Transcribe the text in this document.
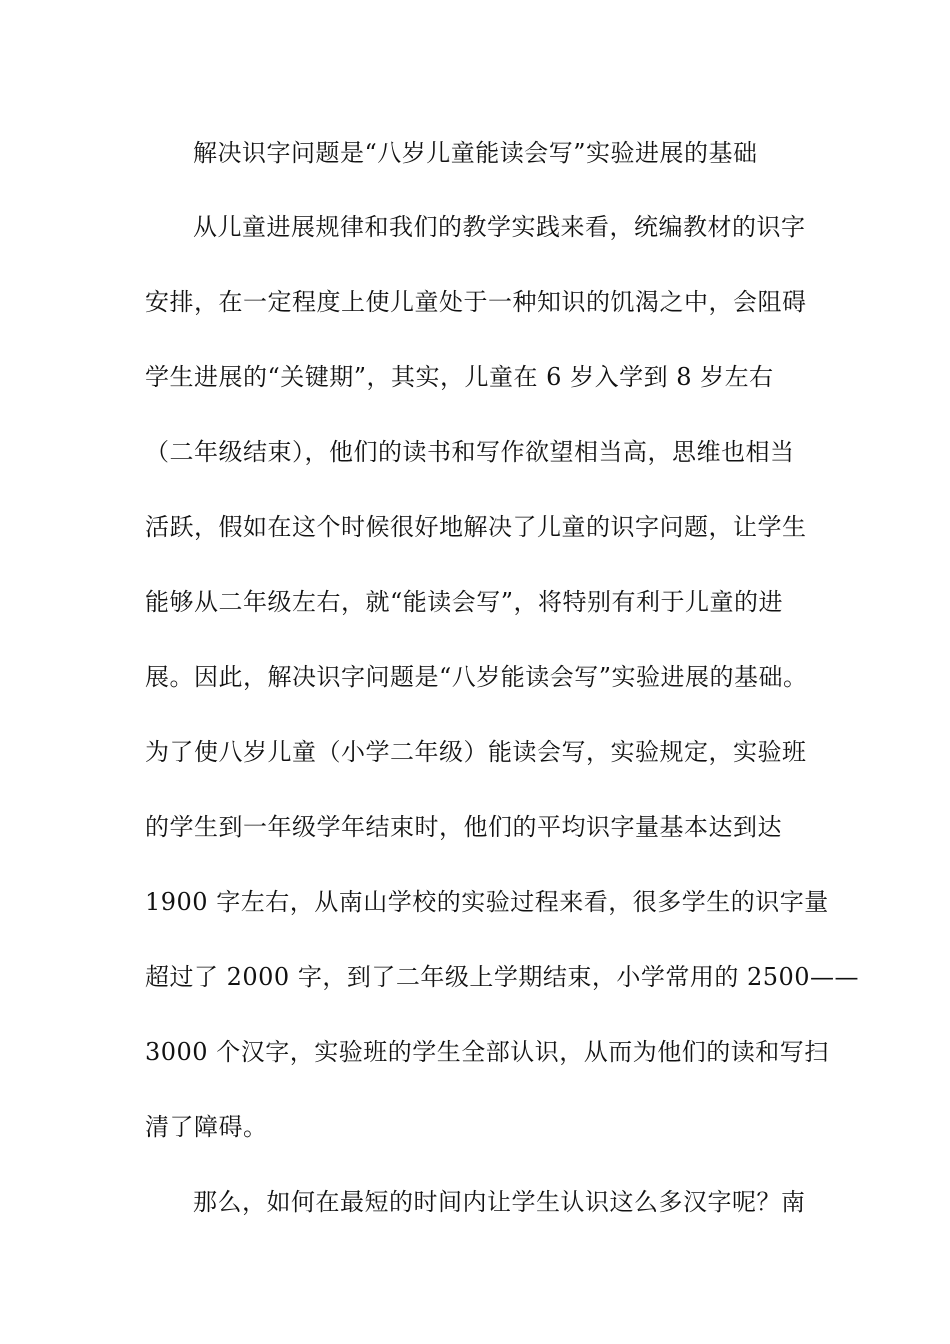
解决识字问题是“八岁儿童能读会写”实验进展的基础
从儿童进展规律和我们的教学实践来看，统编教材的识字
安排，在一定程度上使儿童处于一种知识的饥渴之中，会阻碍
学生进展的“关键期”，其实，儿童在 6 岁入学到 8 岁左右
（二年级结束），他们的读书和写作欲望相当高，思维也相当
活跃，假如在这个时候很好地解决了儿童的识字问题，让学生
能够从二年级左右，就“能读会写”，将特别有利于儿童的进
展。因此，解决识字问题是“八岁能读会写”实验进展的基础。
为了使八岁儿童（小学二年级）能读会写，实验规定，实验班
的学生到一年级学年结束时，他们的平均识字量基本达到达
1900 字左右，从南山学校的实验过程来看，很多学生的识字量
超过了 2000 字，到了二年级上学期结束，小学常用的 2500——
3000 个汉字，实验班的学生全部认识，从而为他们的读和写扫
清了障碍。
那么，如何在最短的时间内让学生认识这么多汉字呢？南
